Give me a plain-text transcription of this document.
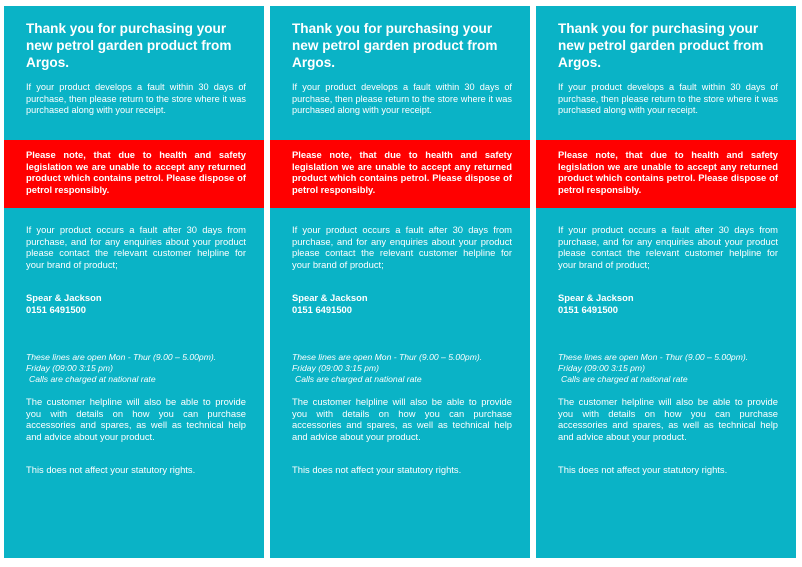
Thank you for purchasing your new petrol garden product from Argos.
If your product develops a fault within 30 days of purchase, then please return to the store where it was purchased along with your receipt.
Please note, that due to health and safety legislation we are unable to accept any returned product which contains petrol. Please dispose of petrol responsibly.
If your product occurs a fault after 30 days from purchase, and for any enquiries about your product please contact the relevant customer helpline for your brand of product;
Spear & Jackson
0151 6491500
These lines are open Mon - Thur (9.00 – 5.00pm).
Friday (09:00 3:15 pm)
Calls are charged at national rate
The customer helpline will also be able to provide you with details on how you can purchase accessories and spares, as well as technical help and advice about your product.
This does not affect your statutory rights.
Thank you for purchasing your new petrol garden product from Argos.
If your product develops a fault within 30 days of purchase, then please return to the store where it was purchased along with your receipt.
Please note, that due to health and safety legislation we are unable to accept any returned product which contains petrol. Please dispose of petrol responsibly.
If your product occurs a fault after 30 days from purchase, and for any enquiries about your product please contact the relevant customer helpline for your brand of product;
Spear & Jackson
0151 6491500
These lines are open Mon - Thur (9.00 – 5.00pm).
Friday (09:00 3:15 pm)
Calls are charged at national rate
The customer helpline will also be able to provide you with details on how you can purchase accessories and spares, as well as technical help and advice about your product.
This does not affect your statutory rights.
Thank you for purchasing your new petrol garden product from Argos.
If your product develops a fault within 30 days of purchase, then please return to the store where it was purchased along with your receipt.
Please note, that due to health and safety legislation we are unable to accept any returned product which contains petrol. Please dispose of petrol responsibly.
If your product occurs a fault after 30 days from purchase, and for any enquiries about your product please contact the relevant customer helpline for your brand of product;
Spear & Jackson
0151 6491500
These lines are open Mon - Thur (9.00 – 5.00pm).
Friday (09:00 3:15 pm)
Calls are charged at national rate
The customer helpline will also be able to provide you with details on how you can purchase accessories and spares, as well as technical help and advice about your product.
This does not affect your statutory rights.
